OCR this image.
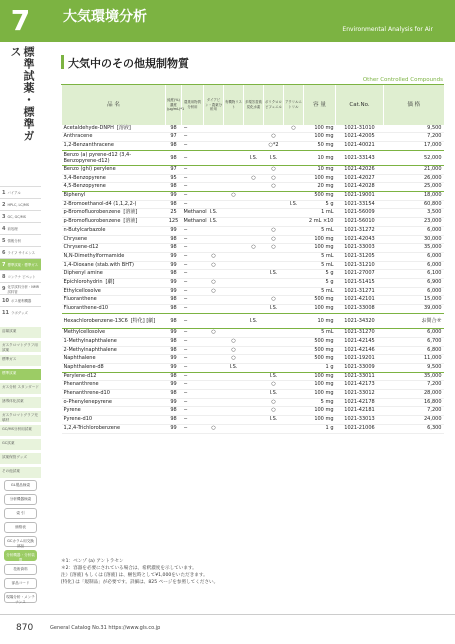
7
標準試薬・標準ガス
1 バイアル
2 HPLC, LC/MS
3 GC, GC/MS
4 前処理
5 情報分析
6 ライフ サイエンス
7 標準試薬・標準ガス
8 コンテナ ピペット
9 化学試料分析・NMR試料管
10 ボス便利機器
11 ラボグッズ
溶媒試薬
ガスクロマトグラフ用試薬
標準ガス
標準試薬
ガス分析 スタンダード
誘導体化試薬
ガスクロマトグラフ充填材
GC/MS分析用試薬
GC試薬
試薬保管グッズ
その他試薬
GL製品検索
分析機器検索
索 引
価格表
GCカラム用交換部品
分析機器・分析装置
技術資料
部品コード
現場分析・メンテナンス
大気環境分析
Environmental Analysis for Air
大気中のその他規制物質
Other Controlled Compounds
品 名	純度(%) 濃度(μg/mL)*1	農業用物質分析用	ダイアピン・農薬分析用	有機物リスト	多環芳香族炭化水素	ポリクロロビフェニル	アクリルニトリル	容 量	Cat.No.	価 格
Acetaldehyde-DNPH [溶液]	98	−					○	100 mg	1021-31010	9,500
Anthracene	97	−				○		100 mg	1021-42005	7,200
1,2-Benzanthracene	98	−				○*2		50 mg	1021-40021	17,000
Benzo (a) pyrene-d12 (3,4-Benzopyrene-d12)	98	−			I.S.	I.S.		10 mg	1021-33143	52,000
Benzo (ghi) perylene	97	−				○		10 mg	1021-42026	21,000
3,4-Benzopyrene	95	−			○	○		100 mg	1021-42027	26,000
4,5-Benzopyrene	98	−				○		20 mg	1021-42028	25,000
Biphenyl	99	−		○				500 mg	1021-19001	18,000
2-Bromoethanol-d4 (1,1,2,2-)	98	−					I.S.	5 g	1021-33154	60,800
p-Bromofluorobenzene [溶液]	25	Methanol	I.S.					1 mL	1021-56009	3,500
p-Bromofluorobenzene [溶液]	125	Methanol	I.S.					2 mL ×10	1021-56010	23,000
n-Butylcarbazole	99	−				○		5 mL	1021-31272	6,000
Chrysene	98	−				○		100 mg	1021-42043	30,000
Chrysene-d12	98	−			○	○		100 mg	1021-33003	35,000
N,N-Dimethylformamide	99	−	○					5 mL	1021-31205	6,000
1,4-Dioxane (stab.with BHT)	99	−	○					5 mL	1021-31210	6,000
Diphenyl amine	98	−				I.S.		5 g	1021-27007	6,100
Epichlorohydrin [劇]	99	−	○					5 g	1021-51415	6,900
Ethylcellosolve	99	−	○					5 mL	1021-31271	6,000
Fluoranthene	98	−				○		500 mg	1021-42101	15,000
Fluoranthene-d10	98	−				I.S.		100 mg	1021-33008	39,000
Hexachlorobenzene-13C6 [特化] [劇]	98	−			I.S.			10 mg	1021-34320	お問合せ
Methylcellosolve	99	−	○					5 mL	1021-31270	6,000
1-Methylnaphthalene	98	−		○				500 mg	1021-42145	6,700
2-Methylnaphthalene	98	−		○				500 mg	1021-42146	6,800
Naphthalene	99	−		○				500 mg	1021-19201	11,000
Naphthalene-d8	99	−		I.S.				1 g	1021-33009	9,500
Perylene-d12	98	−				I.S.		100 mg	1021-33011	35,000
Phenanthrene	99	−				○		100 mg	1021-42173	7,200
Phenanthrene-d10	98	−				I.S.		100 mg	1021-33012	28,000
o-Phenylenepyrene	99	−				○		5 mg	1021-42178	16,800
Pyrene	98	−				○		100 mg	1021-42181	7,200
Pyrene-d10	98	−				I.S.		100 mg	1021-33013	24,000
1,2,4-Trichlorobenzene	99	−	○					1 g	1021-21006	6,300
＊1：ベンゾ (a) アントラセン
＊2：容器を必要にされている場合は、希釈濃度を示しています。
注）[溶液] もしくは [溶液] は、梱包時として¥1,000をいただきます。
[特化] は「規制品」が必要です。詳細は、825 ページを参照してください。
870	General Catalog No.31 https://www.gls.co.jp
